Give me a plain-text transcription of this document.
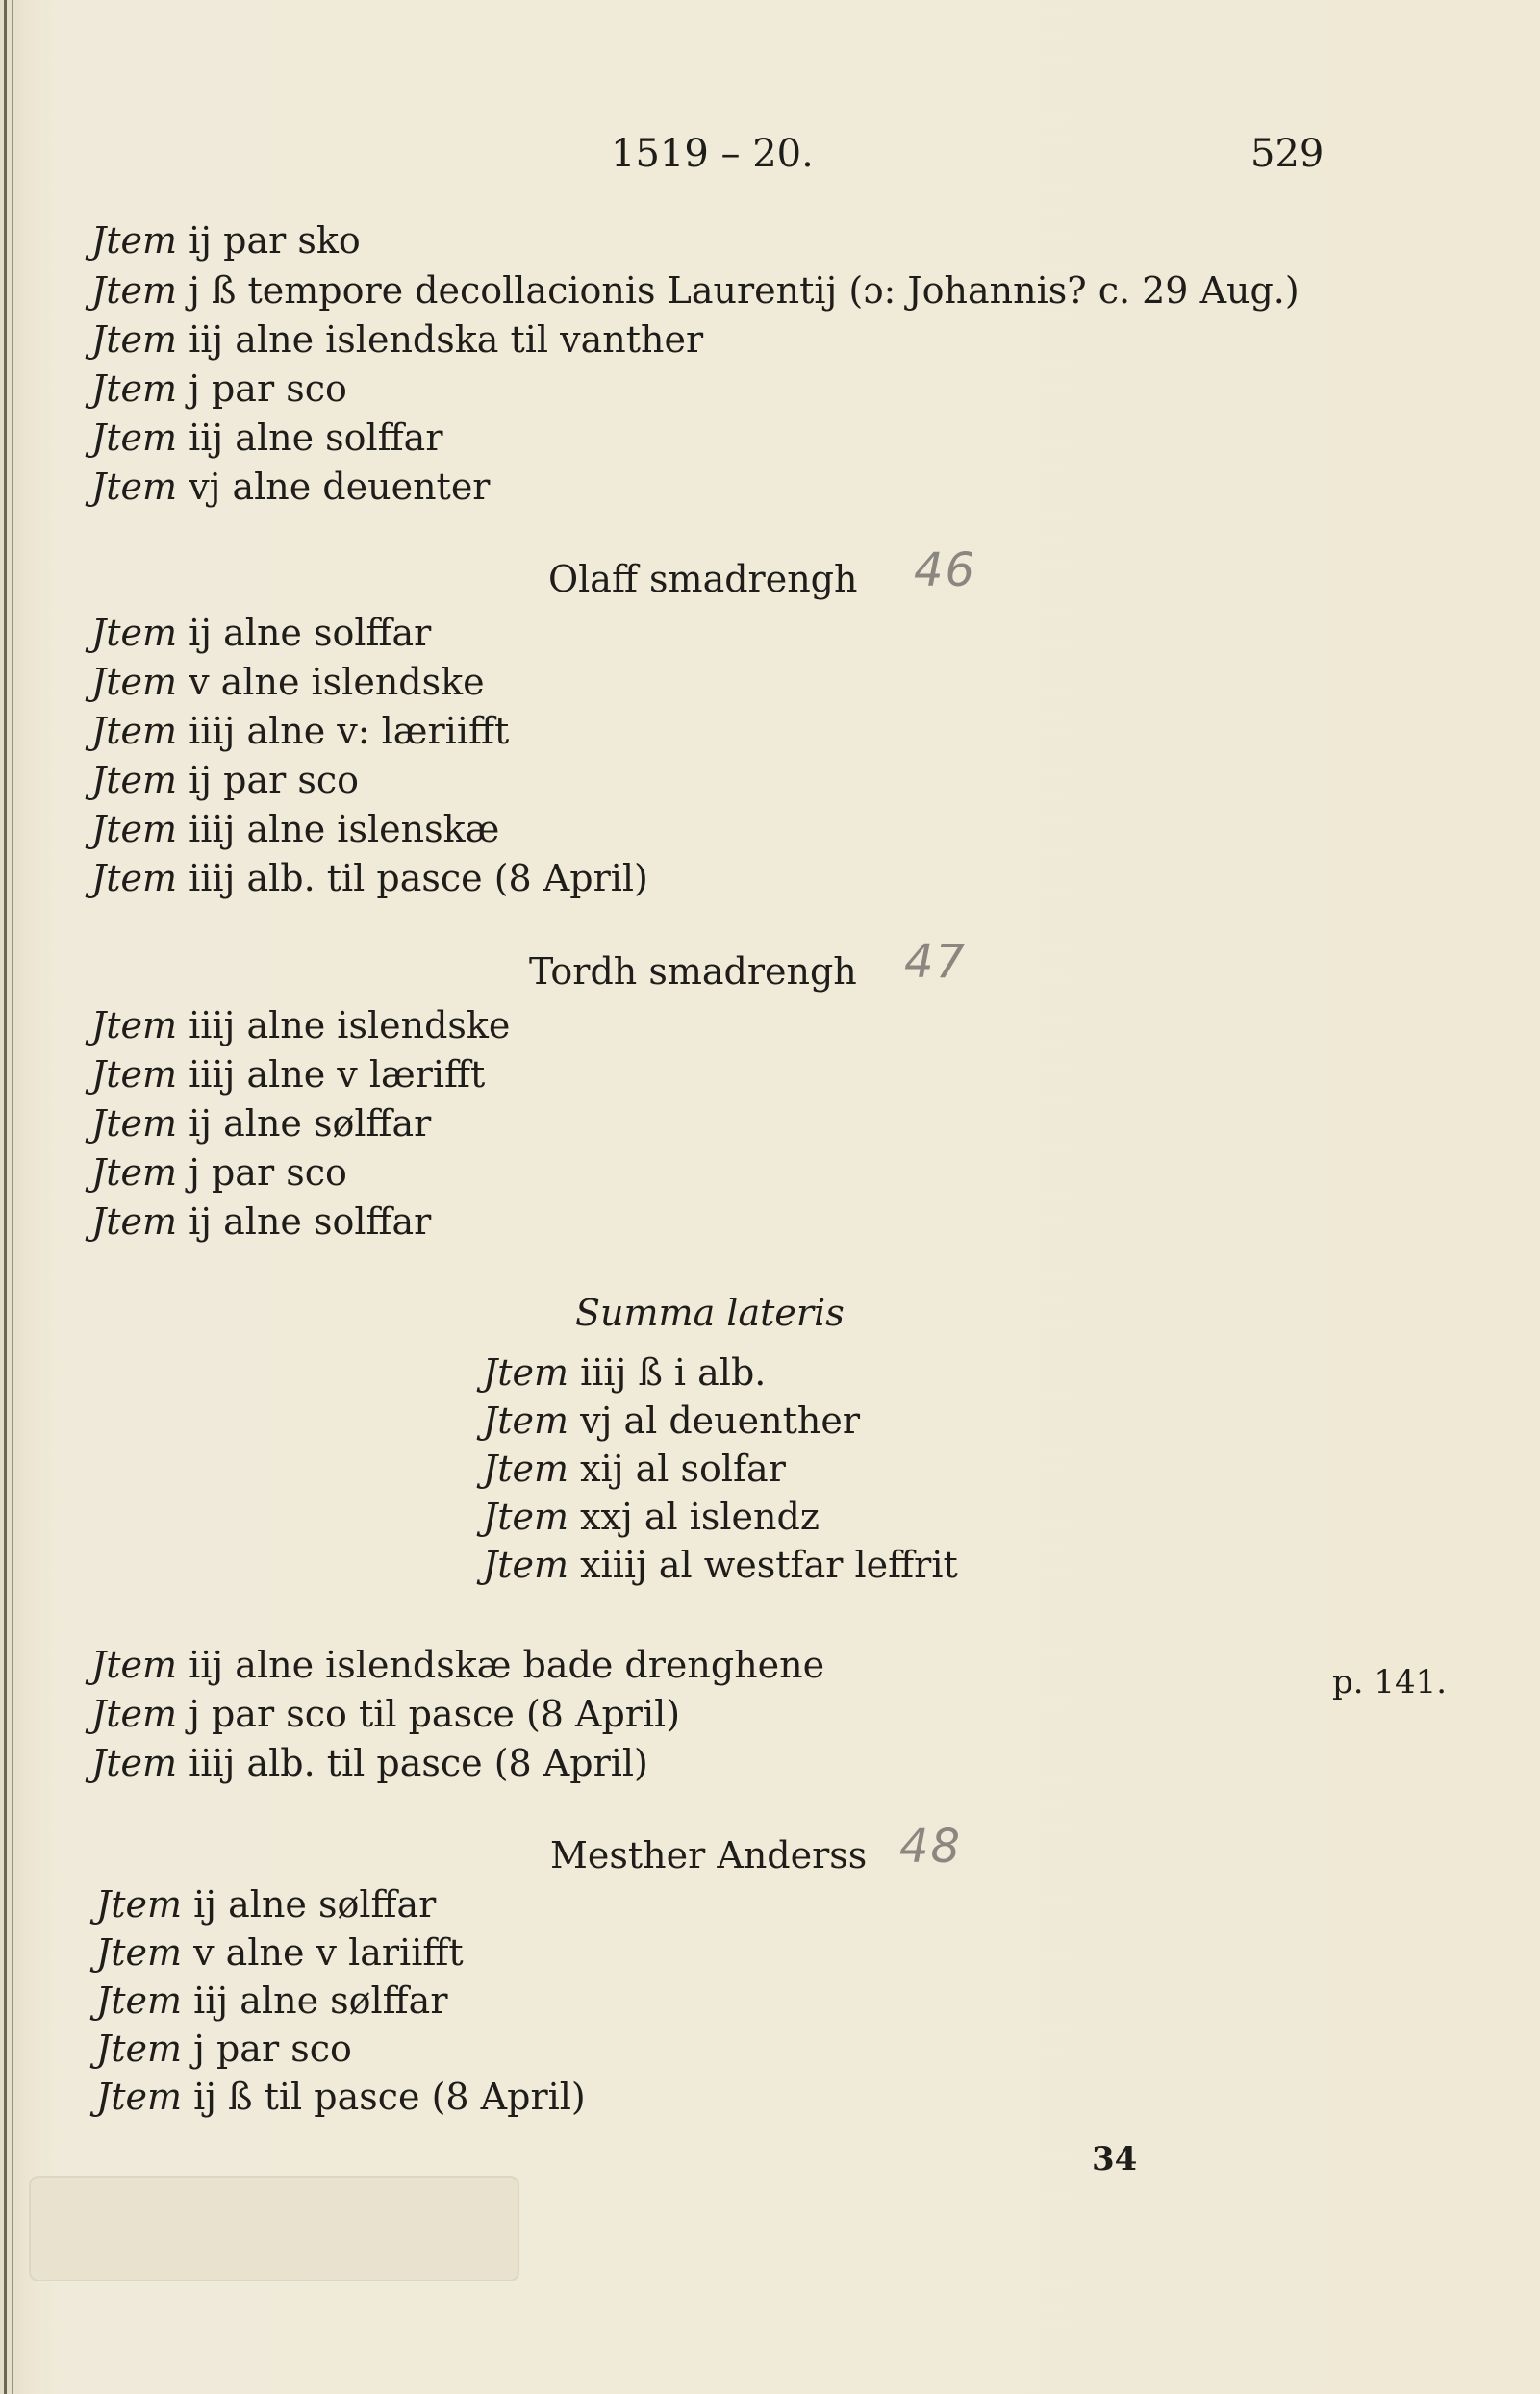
1519 – 20.	529
Jtem ij par sko
Jtem j ß tempore decollacionis Laurentij (ɔ: Johannis? c. 29 Aug.)
Jtem iij alne islendska til vanther
Jtem j par sco
Jtem iij alne solffar
Jtem vj alne deuenter
Olaff smadrengh 46
Jtem ij alne solffar
Jtem v alne islendske
Jtem iiij alne v: læriifft
Jtem ij par sco
Jtem iiij alne islenskæ
Jtem iiij alb. til pasce (8 April)
Tordh smadrengh 47
Jtem iiij alne islendske
Jtem iiij alne v lærifft
Jtem ij alne sølffar
Jtem j par sco
Jtem ij alne solffar
Summa lateris
Jtem iiij ß i alb.
Jtem vj al deuenther
Jtem xij al solfar
Jtem xxj al islendz
Jtem xiiij al westfar leffrit
Jtem iij alne islendskæ bade drenghene
Jtem j par sco til pasce (8 April)
Jtem iiij alb. til pasce (8 April)
p. 141.
Mesther Anderss 48
Jtem ij alne sølffar
Jtem v alne v lariifft
Jtem iij alne sølffar
Jtem j par sco
Jtem ij ß til pasce (8 April)
34
